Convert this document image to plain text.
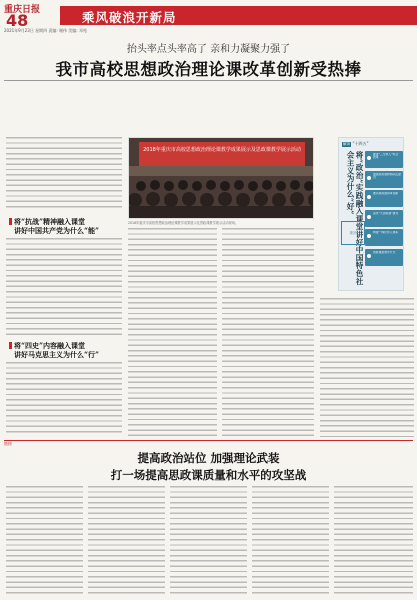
重庆日报
48
2021年9月23日 星期四 责编: 谢伟 美编: 邓苑
乘风破浪开新局
抬头率点头率高了 亲和力凝聚力强了
我市高校思想政治理论课改革创新受热捧
2018年重庆市高校思想政治理论课教学成果展示及思政课教学展示活动
2018年重庆市高校思想政治理论课教学成果展示及思政课教学展示活动现场。
解读 “十四五”
将“政治”实践融入课堂讲好中国特色社会主义为什么“好”	推进“三全育人”综合改革
加强思政课教师队伍建设
推动思政课改革创新
深化“大思政课”建设
构建一体化育人体系
创新课堂教学方式
重庆
将“抗战”精神融入课堂
讲好中国共产党为什么“能”
将“四史”内容融入课堂
讲好马克思主义为什么“行”
链接
提高政治站位 加强理论武装
打一场提高思政课质量和水平的攻坚战
